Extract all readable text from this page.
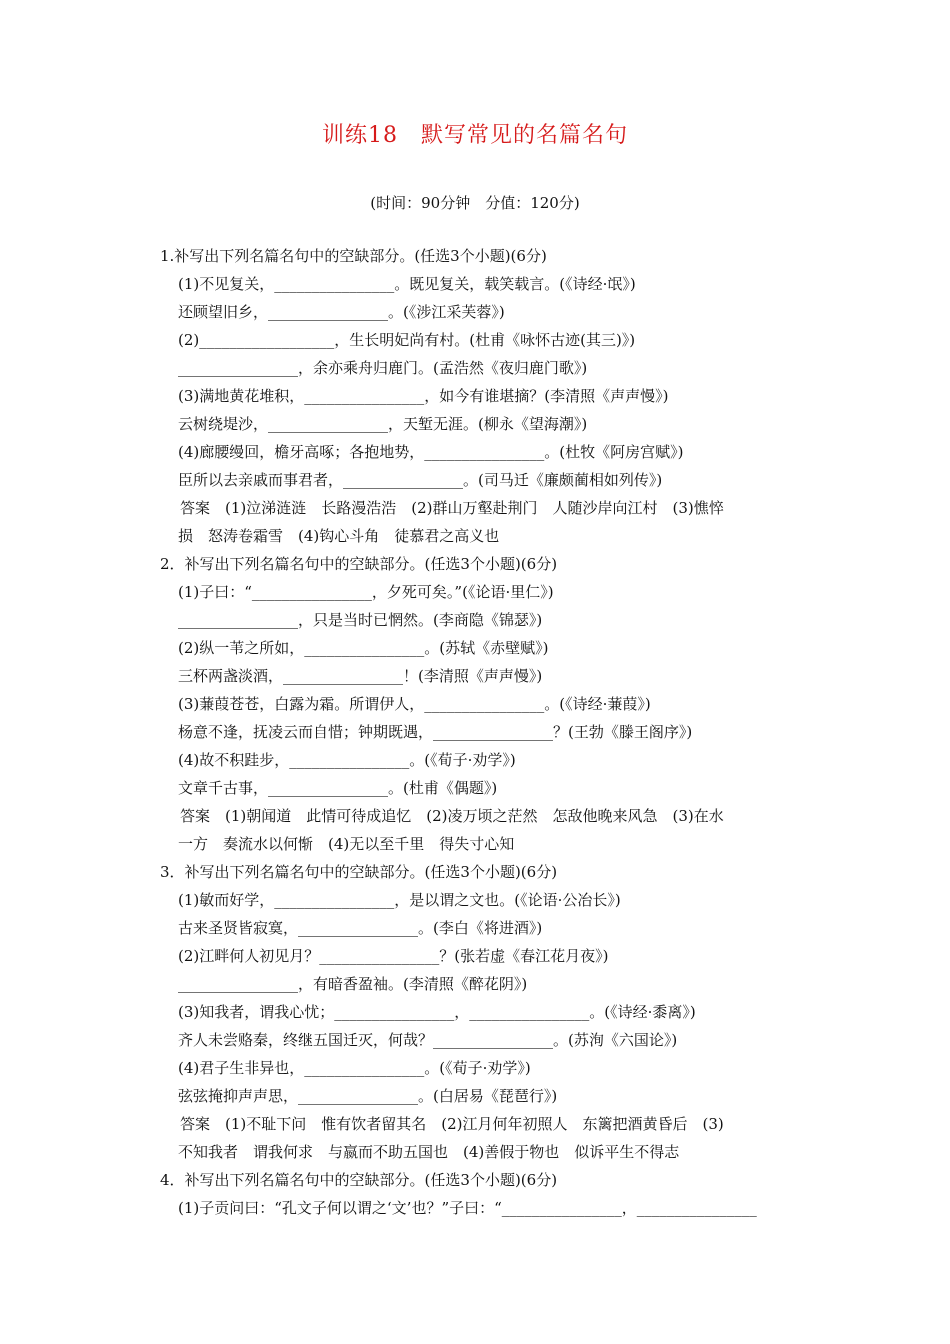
训练18　默写常见的名篇名句
(时间：90分钟　分值：120分)
1.补写出下列名篇名句中的空缺部分。(任选3个小题)(6分)
(1)不见复关，________________。既见复关，载笑载言。(《诗经·氓》)
还顾望旧乡，________________。(《涉江采芙蓉》)
(2)__________________，生长明妃尚有村。(杜甫《咏怀古迹(其三)》)
________________，余亦乘舟归鹿门。(孟浩然《夜归鹿门歌》)
(3)满地黄花堆积，________________，如今有谁堪摘？(李清照《声声慢》)
云树绕堤沙，________________，天堑无涯。(柳永《望海潮》)
(4)廊腰缦回，檐牙高啄；各抱地势，________________。(杜牧《阿房宫赋》)
臣所以去亲戚而事君者，________________。(司马迁《廉颇蔺相如列传》)
答案　(1)泣涕涟涟　长路漫浩浩　(2)群山万壑赴荆门　人随沙岸向江村　(3)憔悴
损　怒涛卷霜雪　(4)钩心斗角　徒慕君之高义也
2．补写出下列名篇名句中的空缺部分。(任选3个小题)(6分)
(1)子曰：“________________，夕死可矣。”(《论语·里仁》)
________________，只是当时已惘然。(李商隐《锦瑟》)
(2)纵一苇之所如，________________。(苏轼《赤壁赋》)
三杯两盏淡酒，________________！(李清照《声声慢》)
(3)蒹葭苍苍，白露为霜。所谓伊人，________________。(《诗经·蒹葭》)
杨意不逢，抚凌云而自惜；钟期既遇，________________？(王勃《滕王阁序》)
(4)故不积跬步，________________。(《荀子·劝学》)
文章千古事，________________。(杜甫《偶题》)
答案　(1)朝闻道　此情可待成追忆　(2)凌万顷之茫然　怎敌他晚来风急　(3)在水
一方　奏流水以何惭　(4)无以至千里　得失寸心知
3．补写出下列名篇名句中的空缺部分。(任选3个小题)(6分)
(1)敏而好学，________________，是以谓之文也。(《论语·公冶长》)
古来圣贤皆寂寞，________________。(李白《将进酒》)
(2)江畔何人初见月？________________？(张若虚《春江花月夜》)
________________，有暗香盈袖。(李清照《醉花阴》)
(3)知我者，谓我心忧；________________，________________。(《诗经·黍离》)
齐人未尝赂秦，终继五国迁灭，何哉？________________。(苏洵《六国论》)
(4)君子生非异也，________________。(《荀子·劝学》)
弦弦掩抑声声思，________________。(白居易《琵琶行》)
答案　(1)不耻下问　惟有饮者留其名　(2)江月何年初照人　东篱把酒黄昏后　(3)
不知我者　谓我何求　与嬴而不助五国也　(4)善假于物也　似诉平生不得志
4．补写出下列名篇名句中的空缺部分。(任选3个小题)(6分)
(1)子贡问曰：“孔文子何以谓之‘文’也？”子曰：“________________，________________
